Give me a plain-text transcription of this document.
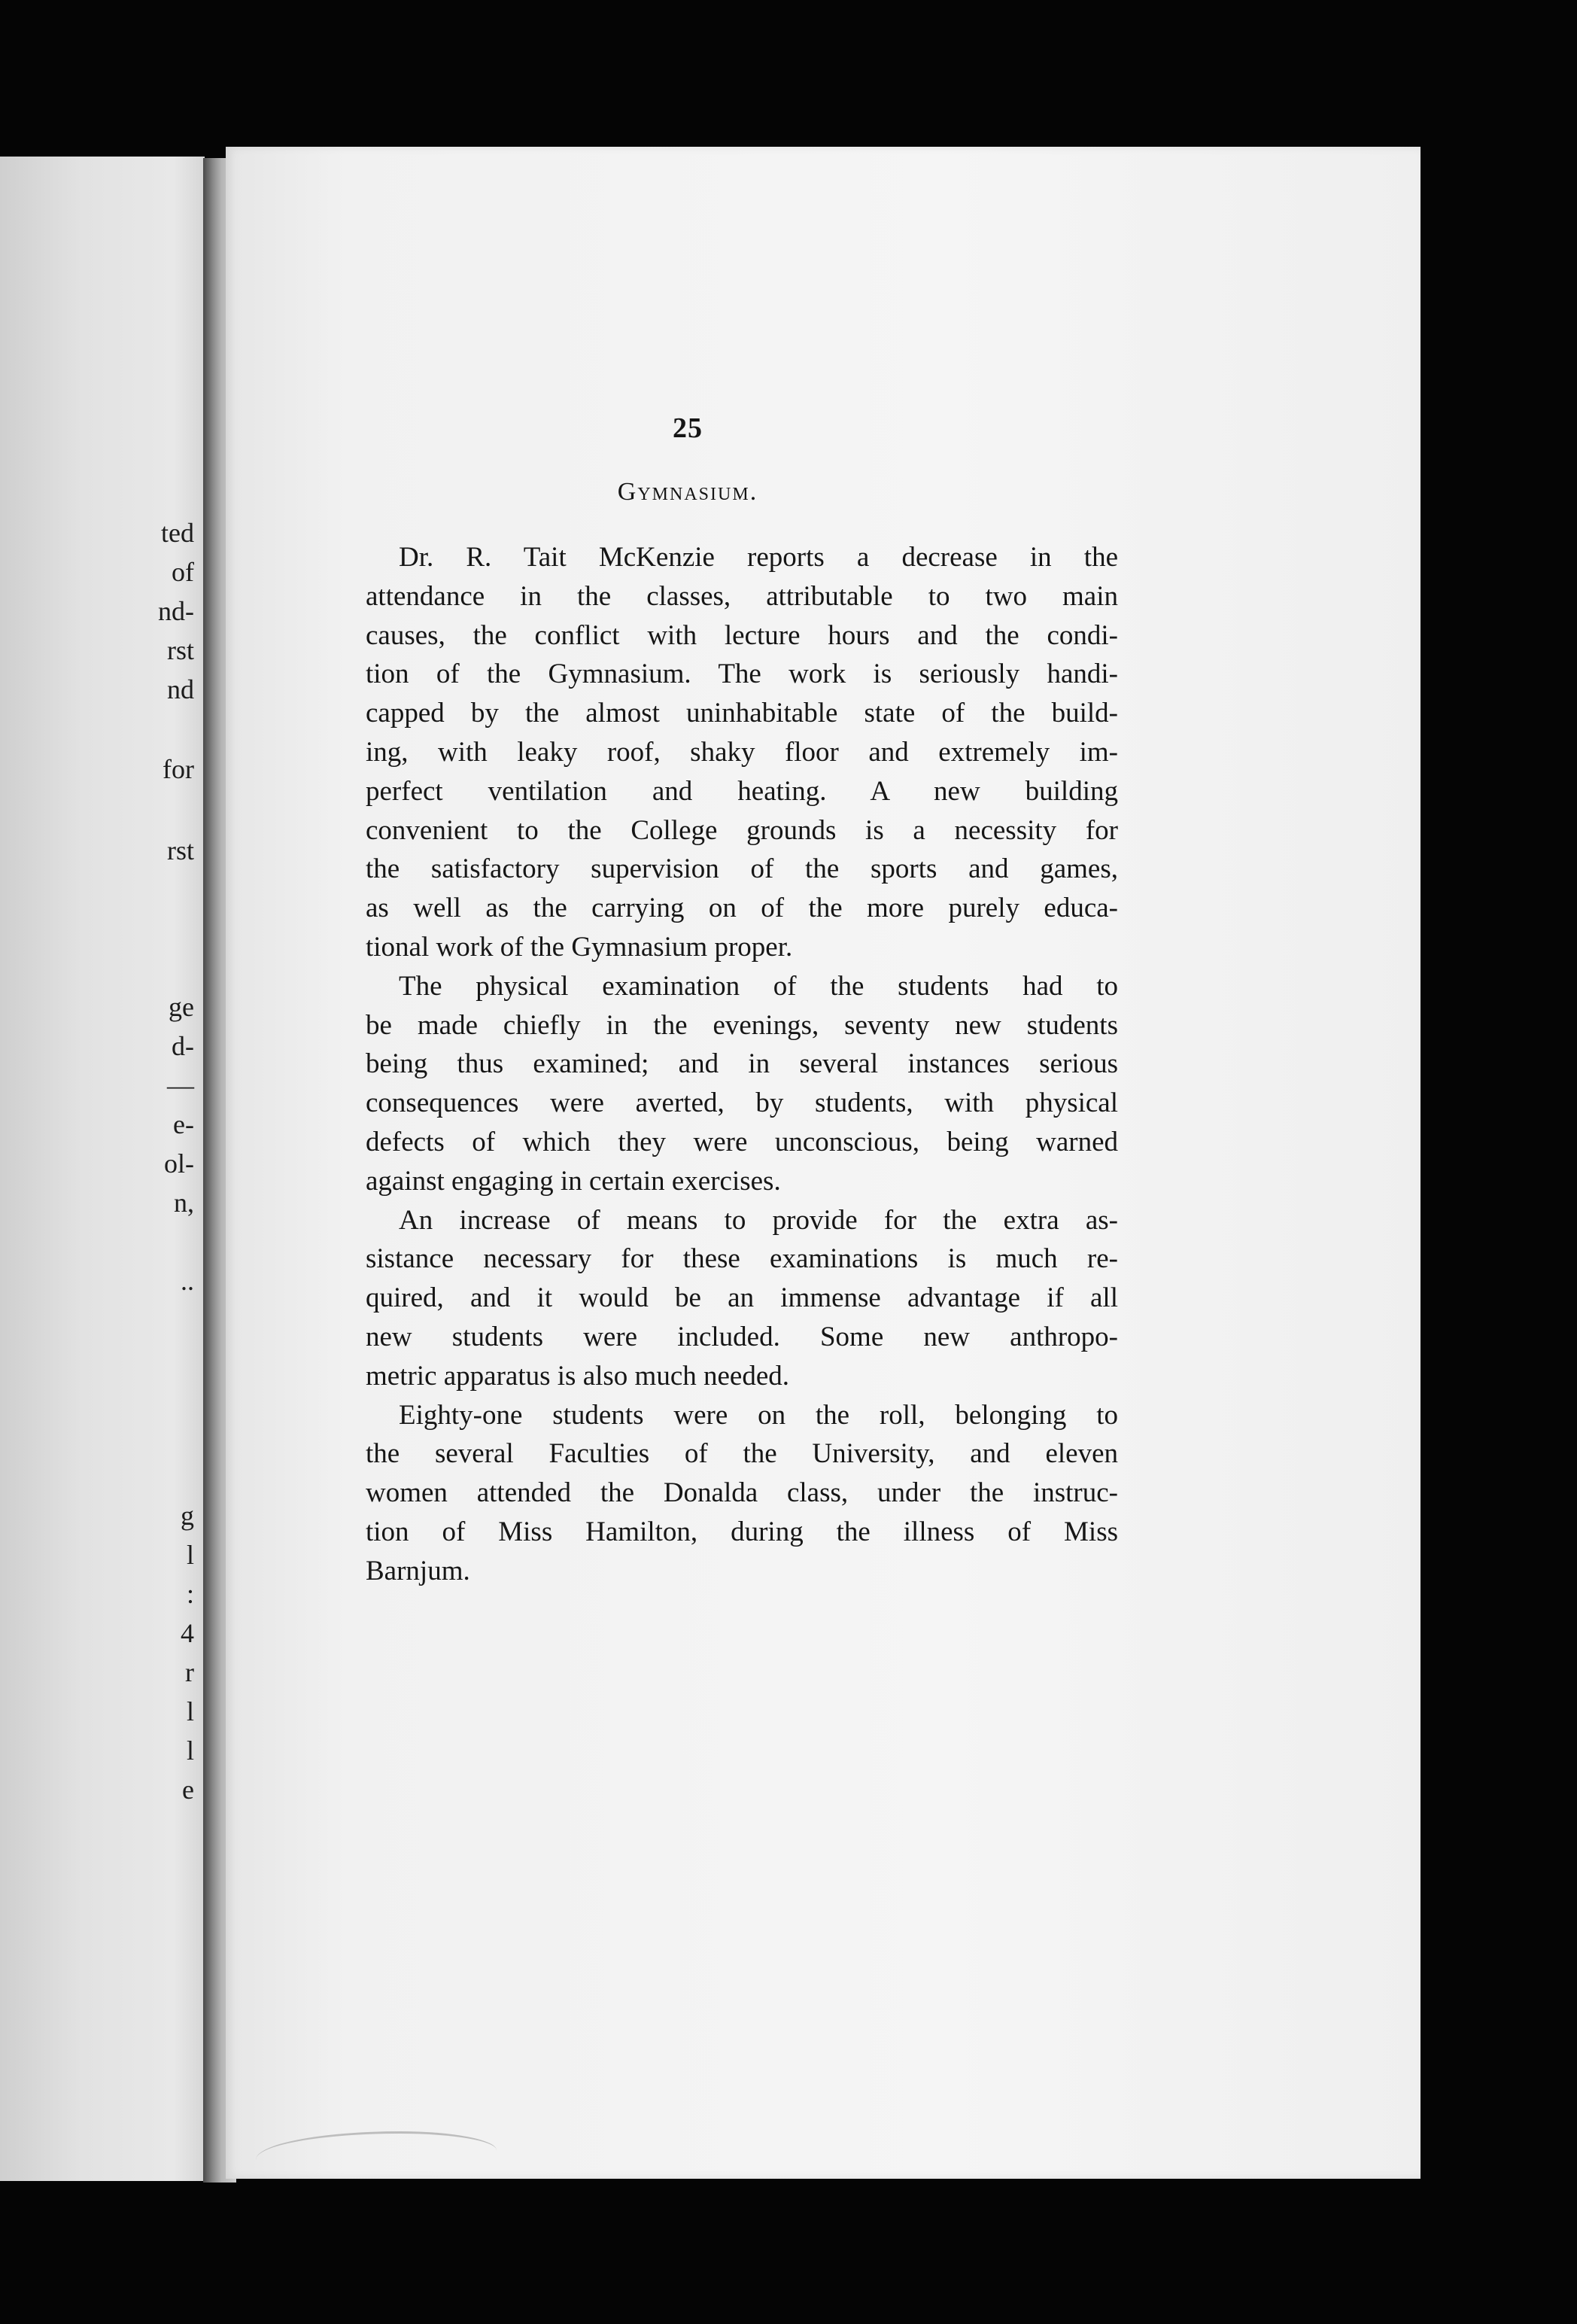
ted
of
nd-
rst
nd
for
rst
ge
d-
—
e-
ol-
n,
..
g
l
:
4
r
l
l
e
25
Gymnasium.
Dr. R. Tait McKenzie reports a decrease in the
attendance in the classes, attributable to two main
causes, the conflict with lecture hours and the condi-
tion of the Gymnasium. The work is seriously handi-
capped by the almost uninhabitable state of the build-
ing, with leaky roof, shaky floor and extremely im-
perfect ventilation and heating. A new building
convenient to the College grounds is a necessity for
the satisfactory supervision of the sports and games,
as well as the carrying on of the more purely educa-
tional work of the Gymnasium proper.
The physical examination of the students had to
be made chiefly in the evenings, seventy new students
being thus examined; and in several instances serious
consequences were averted, by students, with physical
defects of which they were unconscious, being warned
against engaging in certain exercises.
An increase of means to provide for the extra as-
sistance necessary for these examinations is much re-
quired, and it would be an immense advantage if all
new students were included. Some new anthropo-
metric apparatus is also much needed.
Eighty-one students were on the roll, belonging to
the several Faculties of the University, and eleven
women attended the Donalda class, under the instruc-
tion of Miss Hamilton, during the illness of Miss
Barnjum.
